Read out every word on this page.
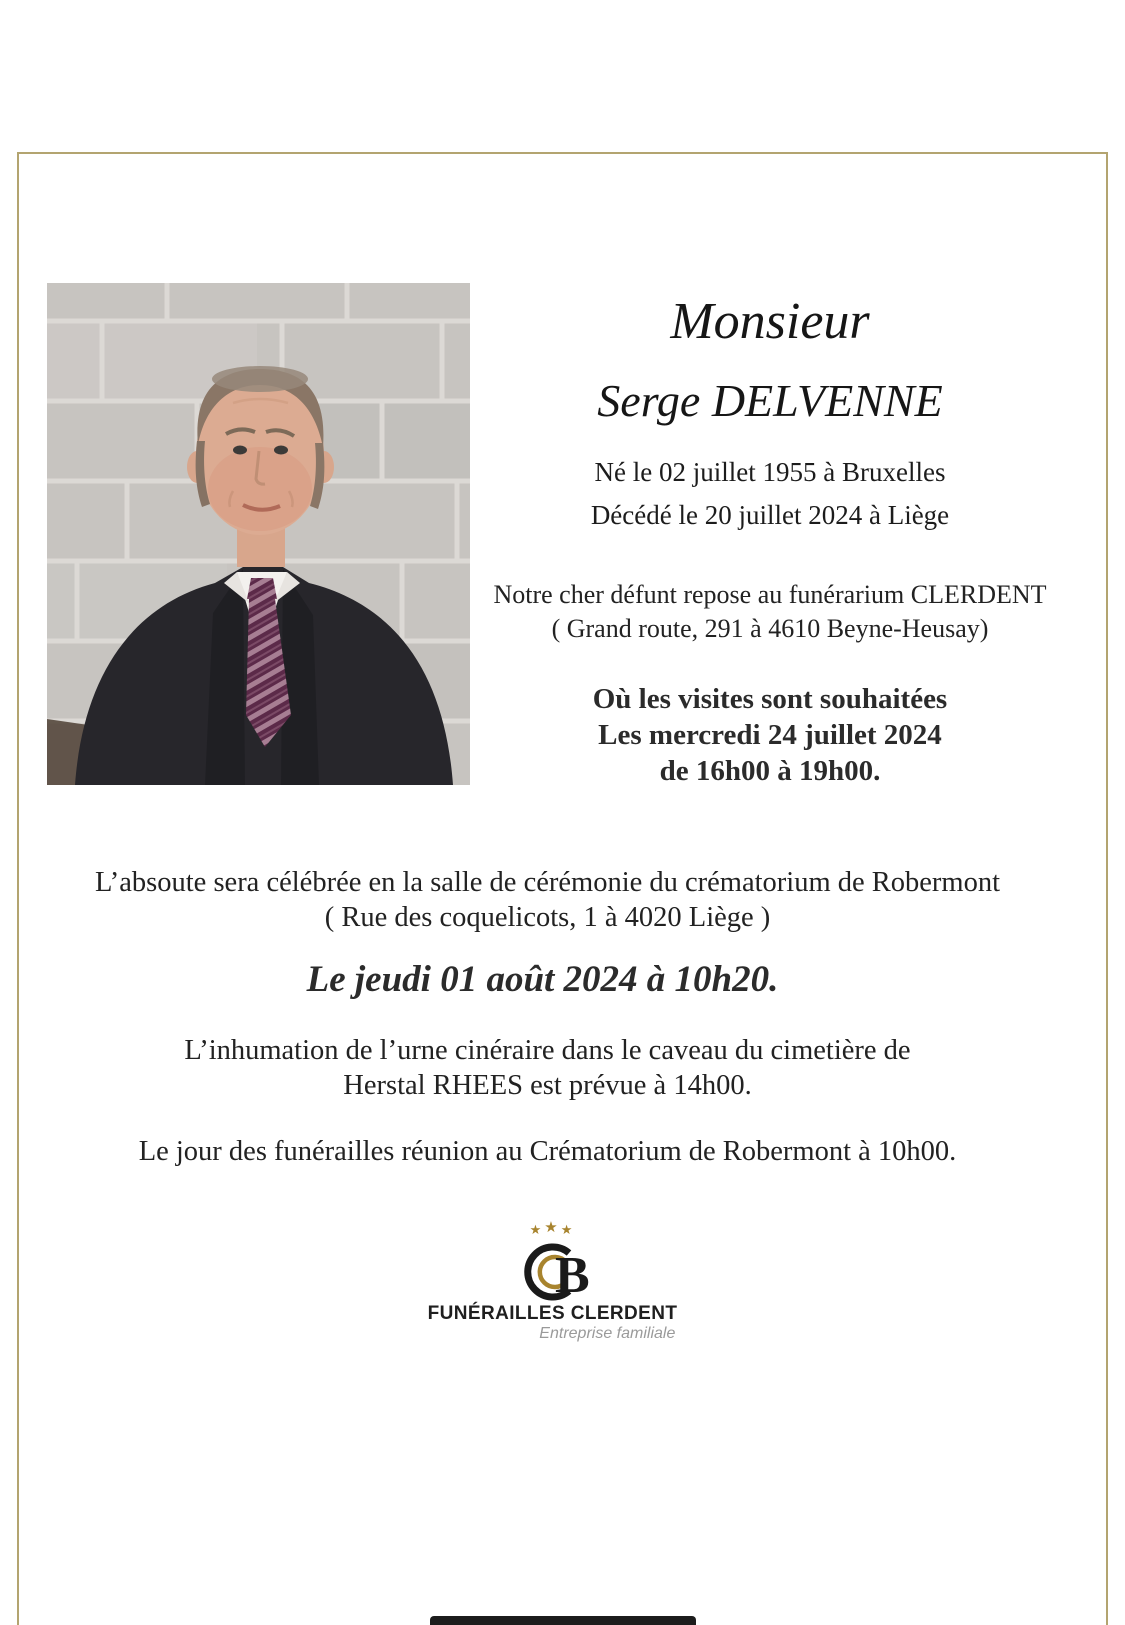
Monsieur
Serge DELVENNE
Né le 02 juillet 1955 à Bruxelles
Décédé le 20 juillet 2024 à Liège
Notre cher défunt repose au funérarium CLERDENT
( Grand route, 291 à 4610 Beyne-Heusay)
Où les visites sont souhaitées
Les mercredi 24 juillet 2024
de 16h00 à 19h00.
L’absoute sera célébrée en la salle de cérémonie du crématorium de Robermont
( Rue des coquelicots, 1 à 4020 Liège )
Le jeudi 01 août 2024 à 10h20.
L’inhumation de l’urne cinéraire dans le caveau du cimetière de
Herstal RHEES est prévue à 14h00.
Le jour des funérailles réunion au Crématorium de Robermont à 10h00.
★★★
B
FUNÉRAILLES CLERDENT
Entreprise familiale
